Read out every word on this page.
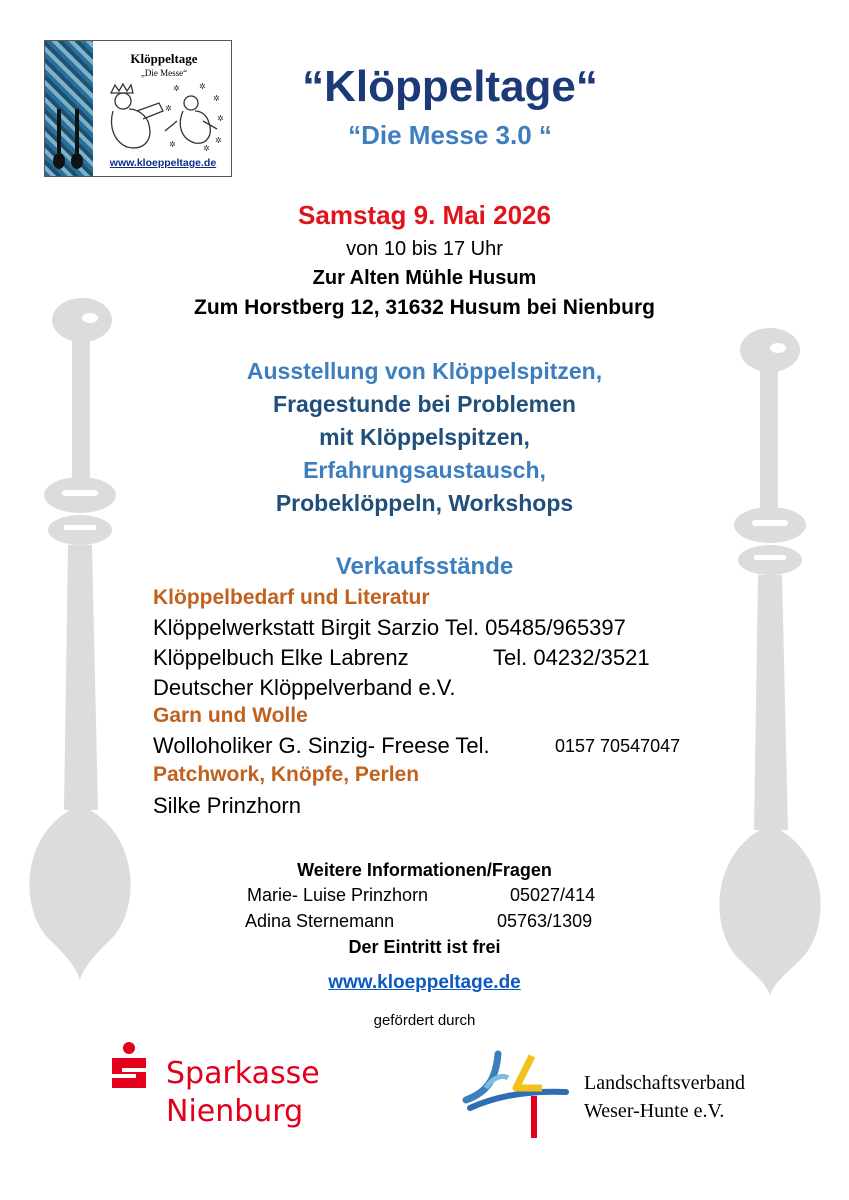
Klöppeltage
„Die Messe“
✲ ✲
✲
✲
✲
✲
✲
✲
www.kloeppeltage.de
“Klöppeltage“
“Die Messe 3.0 “
Samstag 9. Mai 2026
von 10 bis 17 Uhr
Zur Alten Mühle Husum
Zum Horstberg 12, 31632 Husum bei Nienburg
Ausstellung von Klöppelspitzen,
Fragestunde bei Problemen
mit Klöppelspitzen,
Erfahrungsaustausch,
Probeklöppeln, Workshops
Verkaufsstände
Klöppelbedarf und Literatur
Klöppelwerkstatt Birgit Sarzio Tel. 05485/965397
Klöppelbuch Elke Labrenz	Tel. 04232/3521
Deutscher Klöppelverband e.V.
Garn und Wolle
Wolloholiker G. Sinzig- Freese Tel.	0157 70547047
Patchwork, Knöpfe, Perlen
Silke Prinzhorn
Weitere Informationen/Fragen
Marie- Luise Prinzhorn	05027/414
Adina Sternemann	05763/1309
Der Eintritt ist frei
www.kloeppeltage.de
gefördert durch
Sparkasse
Nienburg
Landschaftsverband
Weser-Hunte e.V.
